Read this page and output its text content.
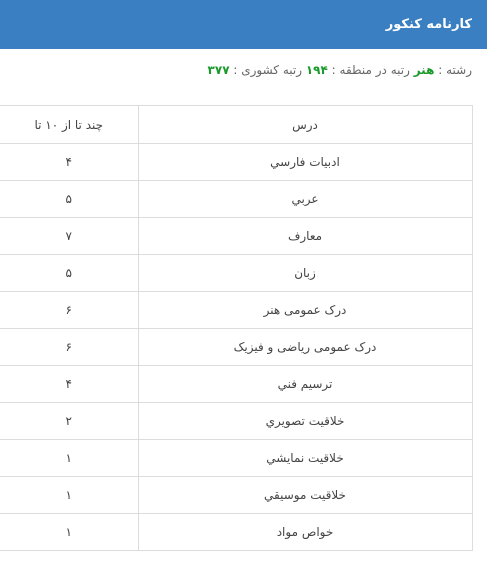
کارنامه کنکور
رشته : هنر رتبه در منطقه : ۱۹۴ رتبه کشوری : ۳۷۷
درس	چند تا از ۱۰ تا
ادبيات فارسي	۴
عربي	۵
معارف	۷
زبان	۵
درک عمومی هنر	۶
درک عمومی رياضی و فيزيک	۶
ترسيم فني	۴
خلاقيت تصويري	۲
خلاقيت نمايشي	۱
خلاقيت موسيقي	۱
خواص مواد	۱
